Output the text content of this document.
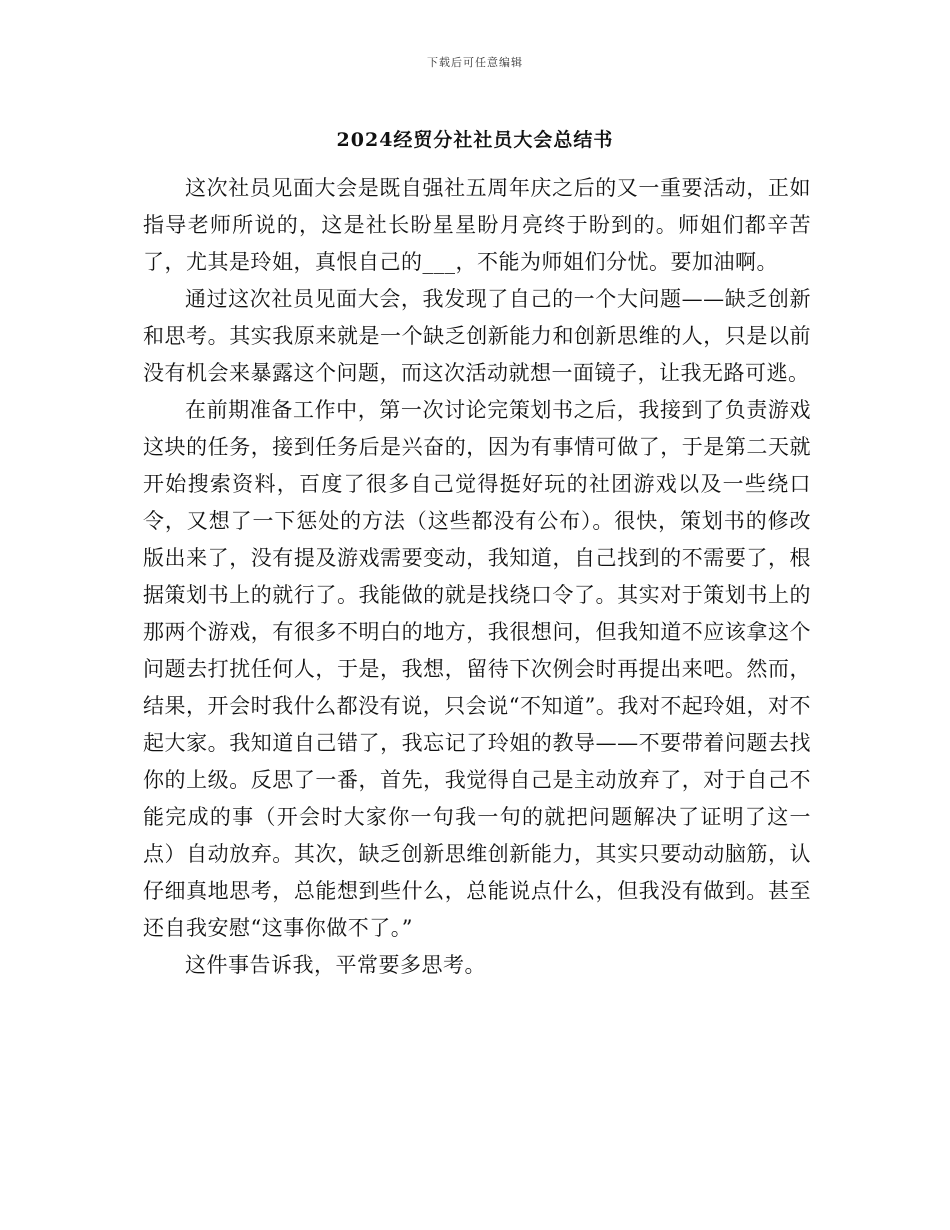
下载后可任意编辑
2024经贸分社社员大会总结书

这次社员见面大会是既自强社五周年庆之后的又一重要活动，正如指导老师所说的，这是社长盼星星盼月亮终于盼到的。师姐们都辛苦了，尤其是玲姐，真恨自己的___，不能为师姐们分忧。要加油啊。

通过这次社员见面大会，我发现了自己的一个大问题——缺乏创新和思考。其实我原来就是一个缺乏创新能力和创新思维的人，只是以前没有机会来暴露这个问题，而这次活动就想一面镜子，让我无路可逃。

在前期准备工作中，第一次讨论完策划书之后，我接到了负责游戏这块的任务，接到任务后是兴奋的，因为有事情可做了，于是第二天就开始搜索资料，百度了很多自己觉得挺好玩的社团游戏以及一些绕口令，又想了一下惩处的方法（这些都没有公布）。很快，策划书的修改版出来了，没有提及游戏需要变动，我知道，自己找到的不需要了，根据策划书上的就行了。我能做的就是找绕口令了。其实对于策划书上的那两个游戏，有很多不明白的地方，我很想问，但我知道不应该拿这个问题去打扰任何人，于是，我想，留待下次例会时再提出来吧。然而，结果，开会时我什么都没有说，只会说“不知道”。我对不起玲姐，对不起大家。我知道自己错了，我忘记了玲姐的教导——不要带着问题去找你的上级。反思了一番，首先，我觉得自己是主动放弃了，对于自己不能完成的事（开会时大家你一句我一句的就把问题解决了证明了这一点）自动放弃。其次，缺乏创新思维创新能力，其实只要动动脑筋，认仔细真地思考，总能想到些什么，总能说点什么，但我没有做到。甚至还自我安慰“这事你做不了。”

这件事告诉我，平常要多思考。
